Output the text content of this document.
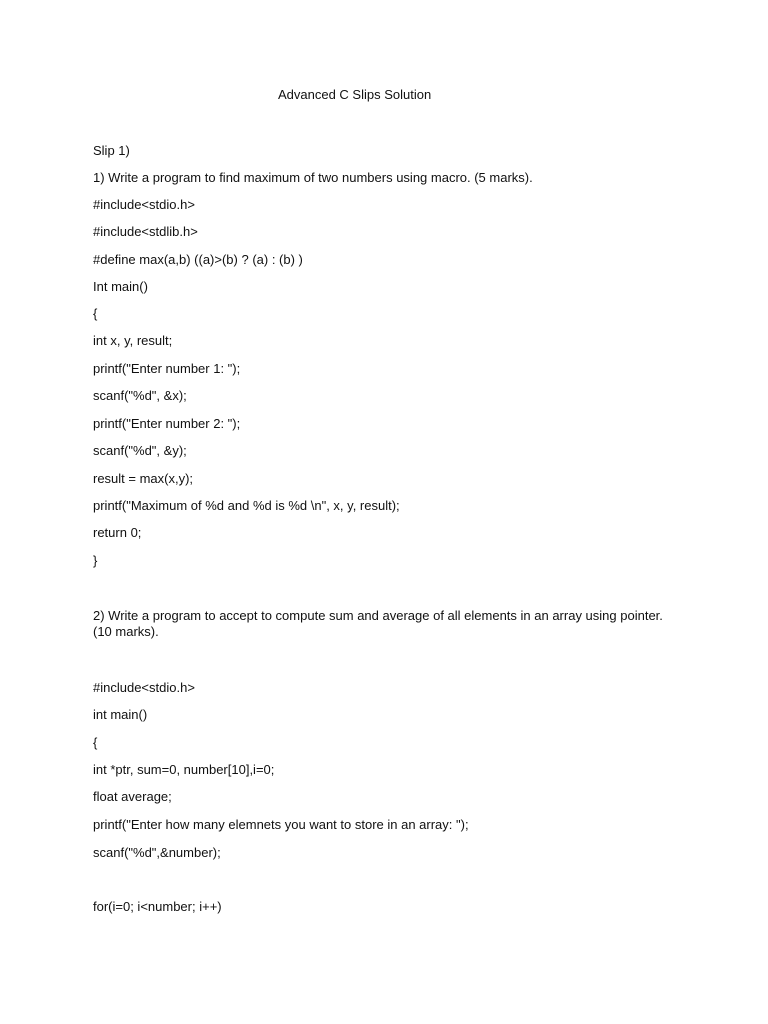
Advanced C Slips Solution
Slip 1)
1) Write a program to find maximum of two numbers using macro. (5 marks).
#include<stdio.h>
#include<stdlib.h>
#define max(a,b) ((a)>(b) ? (a) : (b) )
Int main()
{
int x, y, result;
printf("Enter number 1: ");
scanf("%d", &x);
printf("Enter number 2: ");
scanf("%d", &y);
result = max(x,y);
printf("Maximum of %d and %d is %d \n", x, y, result);
return 0;
}
2) Write a program to accept to compute sum and average of all elements in an array using pointer. (10 marks).
#include<stdio.h>
int main()
{
int *ptr, sum=0, number[10],i=0;
float average;
printf("Enter how many elemnets you want to store in an array: ");
scanf("%d",&number);
for(i=0; i<number; i++)
